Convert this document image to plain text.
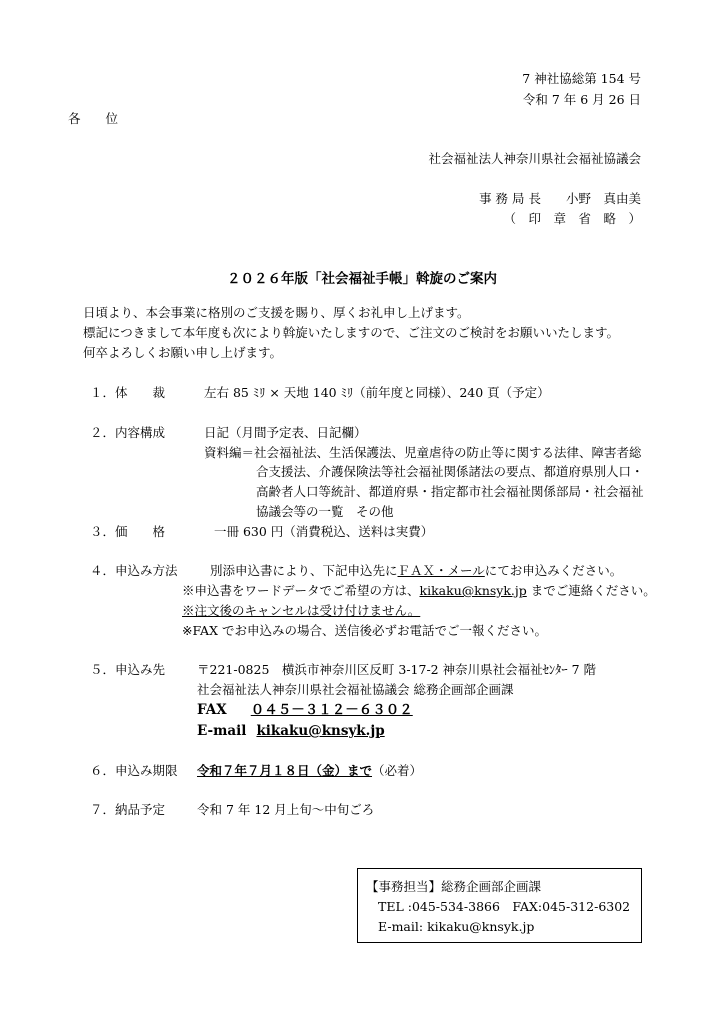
7 神社協総第 154 号
令和 7 年 6 月 26 日
各　　位
社会福祉法人神奈川県社会福祉協議会
事 務 局 長　　小野　真由美
（　印　章　省　略　）
２０２６年版「社会福祉手帳」斡旋のご案内
日頃より、本会事業に格別のご支援を賜り、厚くお礼申し上げます。
標記につきまして本年度も次により斡旋いたしますので、ご注文のご検討をお願いいたします。
何卒よろしくお願い申し上げます。
１．体　　裁	左右 85 ﾐﾘ × 天地 140 ﾐﾘ（前年度と同様）、240 頁（予定）
２．内容構成	日記（月間予定表、日記欄）
資料編＝社会福祉法、生活保護法、児童虐待の防止等に関する法律、障害者総
合支援法、介護保険法等社会福祉関係諸法の要点、都道府県別人口・
高齢者人口等統計、都道府県・指定都市社会福祉関係部局・社会福祉
協議会等の一覧　その他
３．価　　格	一冊 630 円（消費税込、送料は実費）
４．申込み方法	別添申込書により、下記申込先にＦＡＸ・メールにてお申込みください。
※申込書をワードデータでご希望の方は、kikaku@knsyk.jp までご連絡ください。
※注文後のキャンセルは受け付けません。
※FAX でお申込みの場合、送信後必ずお電話でご一報ください。
５．申込み先	〒221-0825　横浜市神奈川区反町 3-17-2 神奈川県社会福祉ｾﾝﾀｰ 7 階
社会福祉法人神奈川県社会福祉協議会 総務企画部企画課
FAX ０４５－３１２－６３０２
E-mail kikaku@knsyk.jp
６．申込み期限 令和７年７月１８日（金）まで（必着）
７．納品予定	令和 7 年 12 月上旬～中旬ごろ
【事務担当】総務企画部企画課
TEL :045-534-3866　FAX:045-312-6302
E-mail: kikaku@knsyk.jp
